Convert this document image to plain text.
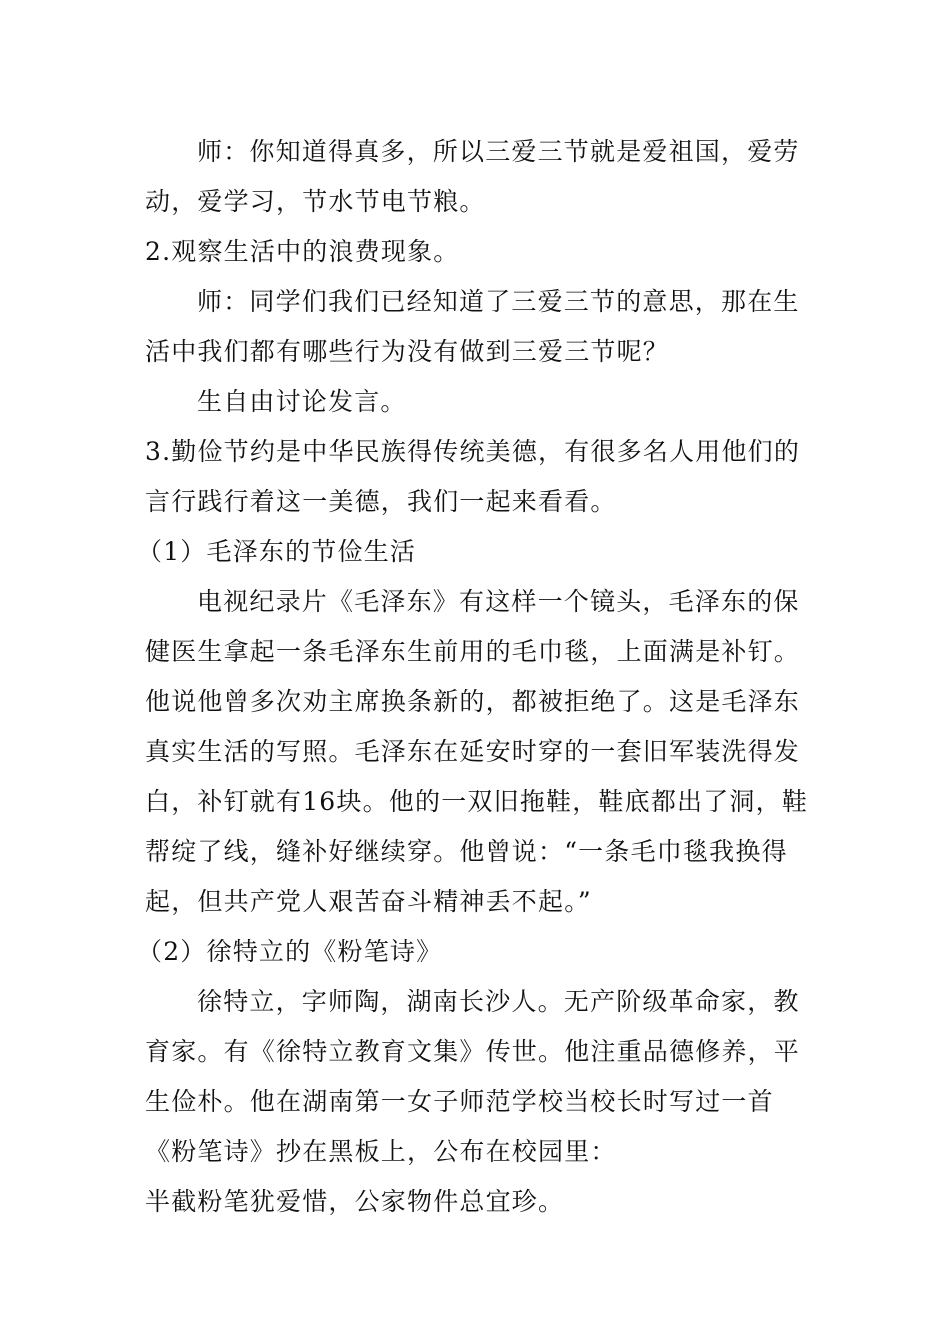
师：你知道得真多，所以三爱三节就是爱祖国，爱劳
动，爱学习，节水节电节粮。
2.观察生活中的浪费现象。
师：同学们我们已经知道了三爱三节的意思，那在生
活中我们都有哪些行为没有做到三爱三节呢？
生自由讨论发言。
3.勤俭节约是中华民族得传统美德，有很多名人用他们的
言行践行着这一美德，我们一起来看看。
（1）毛泽东的节俭生活
电视纪录片《毛泽东》有这样一个镜头，毛泽东的保
健医生拿起一条毛泽东生前用的毛巾毯，上面满是补钉。
他说他曾多次劝主席换条新的，都被拒绝了。这是毛泽东
真实生活的写照。毛泽东在延安时穿的一套旧军装洗得发
白，补钉就有16块。他的一双旧拖鞋，鞋底都出了洞，鞋
帮绽了线，缝补好继续穿。他曾说：“一条毛巾毯我换得
起，但共产党人艰苦奋斗精神丢不起。”
（2）徐特立的《粉笔诗》
徐特立，字师陶，湖南长沙人。无产阶级革命家，教
育家。有《徐特立教育文集》传世。他注重品德修养，平
生俭朴。他在湖南第一女子师范学校当校长时写过一首
《粉笔诗》抄在黑板上，公布在校园里：
半截粉笔犹爱惜，公家物件总宜珍。
